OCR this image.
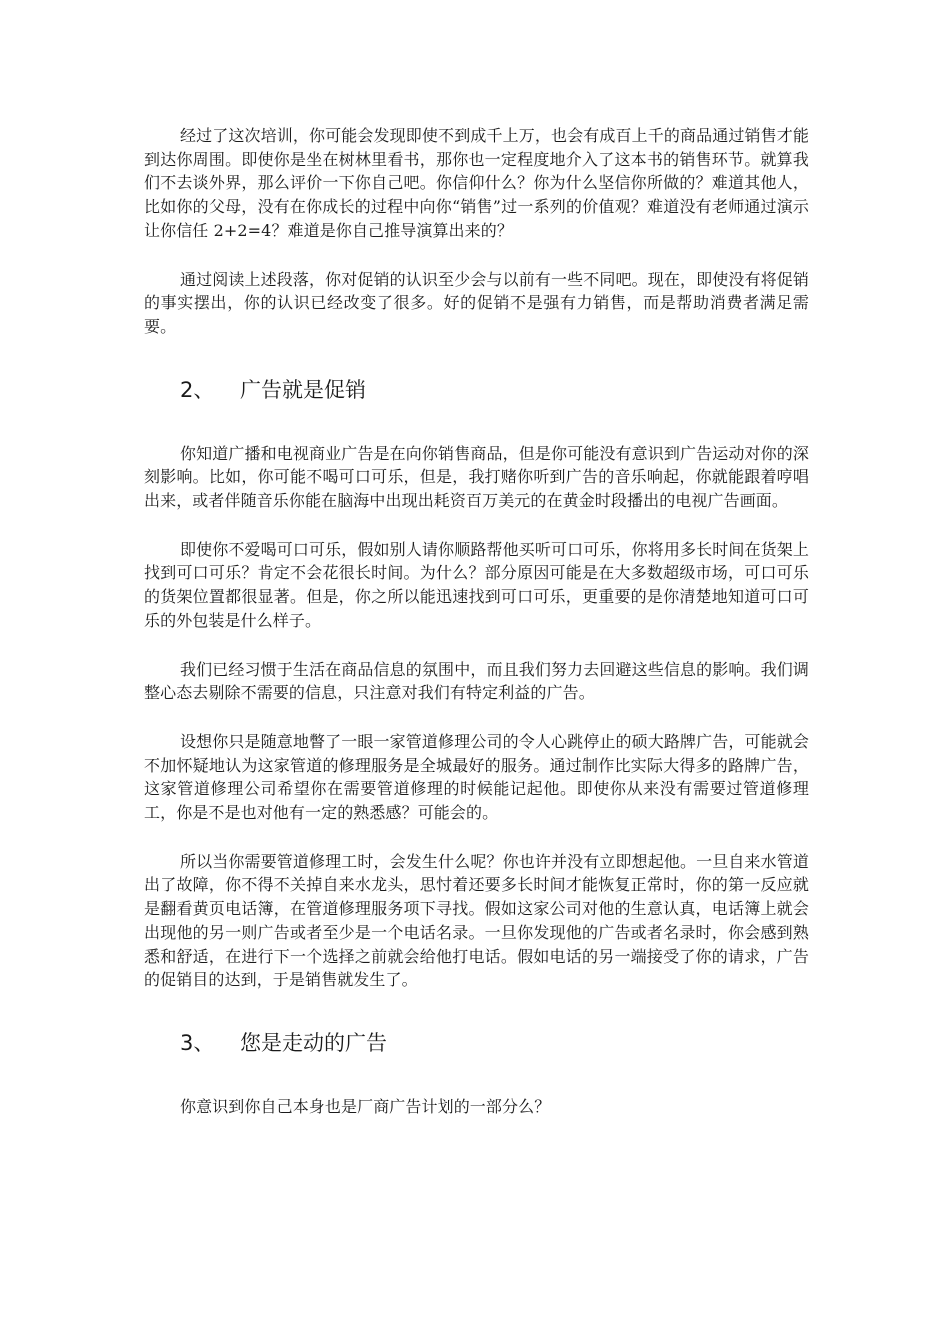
经过了这次培训，你可能会发现即使不到成千上万，也会有成百上千的商品通过销售才能到达你周围。即使你是坐在树林里看书，那你也一定程度地介入了这本书的销售环节。就算我们不去谈外界，那么评价一下你自己吧。你信仰什么？你为什么坚信你所做的？难道其他人，比如你的父母，没有在你成长的过程中向你“销售”过一系列的价值观？难道没有老师通过演示让你信任 2+2=4？难道是你自己推导演算出来的？

通过阅读上述段落，你对促销的认识至少会与以前有一些不同吧。现在，即使没有将促销的事实摆出，你的认识已经改变了很多。好的促销不是强有力销售，而是帮助消费者满足需要。

2、	广告就是促销

你知道广播和电视商业广告是在向你销售商品，但是你可能没有意识到广告运动对你的深刻影响。比如，你可能不喝可口可乐，但是，我打赌你听到广告的音乐响起，你就能跟着哼唱出来，或者伴随音乐你能在脑海中出现出耗资百万美元的在黄金时段播出的电视广告画面。

即使你不爱喝可口可乐，假如别人请你顺路帮他买听可口可乐，你将用多长时间在货架上找到可口可乐？肯定不会花很长时间。为什么？部分原因可能是在大多数超级市场，可口可乐的货架位置都很显著。但是，你之所以能迅速找到可口可乐，更重要的是你清楚地知道可口可乐的外包装是什么样子。

我们已经习惯于生活在商品信息的氛围中，而且我们努力去回避这些信息的影响。我们调整心态去剔除不需要的信息，只注意对我们有特定利益的广告。

设想你只是随意地瞥了一眼一家管道修理公司的令人心跳停止的硕大路牌广告，可能就会不加怀疑地认为这家管道的修理服务是全城最好的服务。通过制作比实际大得多的路牌广告，这家管道修理公司希望你在需要管道修理的时候能记起他。即使你从来没有需要过管道修理工，你是不是也对他有一定的熟悉感？可能会的。

所以当你需要管道修理工时，会发生什么呢？你也许并没有立即想起他。一旦自来水管道出了故障，你不得不关掉自来水龙头，思忖着还要多长时间才能恢复正常时，你的第一反应就是翻看黄页电话簿，在管道修理服务项下寻找。假如这家公司对他的生意认真，电话簿上就会出现他的另一则广告或者至少是一个电话名录。一旦你发现他的广告或者名录时，你会感到熟悉和舒适，在进行下一个选择之前就会给他打电话。假如电话的另一端接受了你的请求，广告的促销目的达到，于是销售就发生了。

3、	您是走动的广告

你意识到你自己本身也是厂商广告计划的一部分么？
